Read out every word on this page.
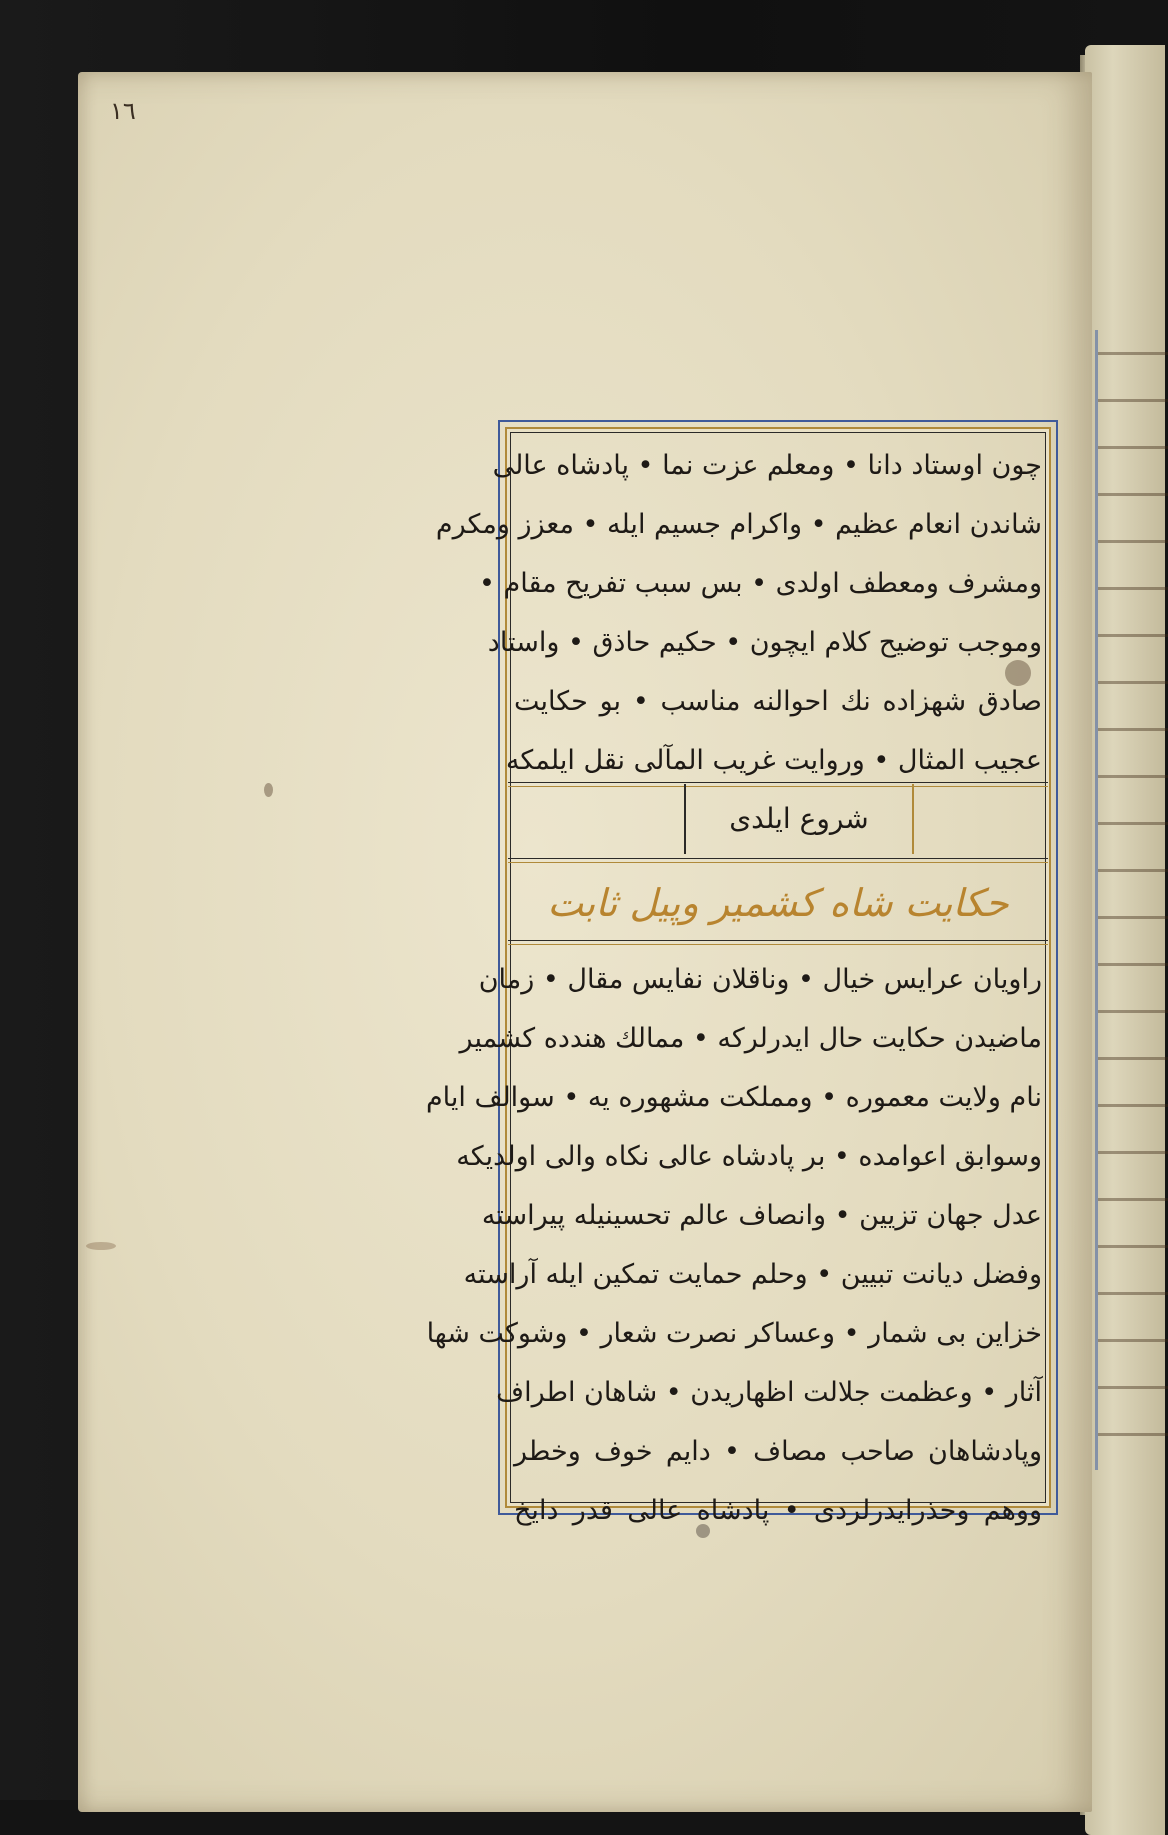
١٦
چون اوستاد دانا • ومعلم عزت نما • پادشاه عالی
شاندن انعام عظیم • واکرام جسیم ایله • معزز ومکرم
ومشرف ومعطف اولدی • بس سبب تفریح مقام •
وموجب توضیح کلام ایچون • حکیم حاذق • واستاد
صادق شهزاده نك احوالنه مناسب • بو حکایت
عجیب المثال • وروایت غریب المآلی نقل ایلمکه
شروع ایلدی
حکایت شاه کشمیر وپیل ثابت
راویان عرایس خیال • وناقلان نفایس مقال • زمان
ماضیدن حکایت حال ایدرلرکه • ممالك هندده کشمیر
نام ولایت معموره • ومملکت مشهوره یه • سوالف ایام
وسوابق اعوامده • بر پادشاه عالی نکاه والی اولدیکه
عدل جهان تزیین • وانصاف عالم تحسینیله پیراسته
وفضل دیانت تبیین • وحلم حمایت تمکین ایله آراسته
خزاین بی شمار • وعساکر نصرت شعار • وشوکت شها
آثار • وعظمت جلالت اظهاریدن • شاهان اطراف
وپادشاهان صاحب مصاف • دایم خوف وخطر
ووهم وحذرایدرلردی • پادشاه عالی قدر دایخ
